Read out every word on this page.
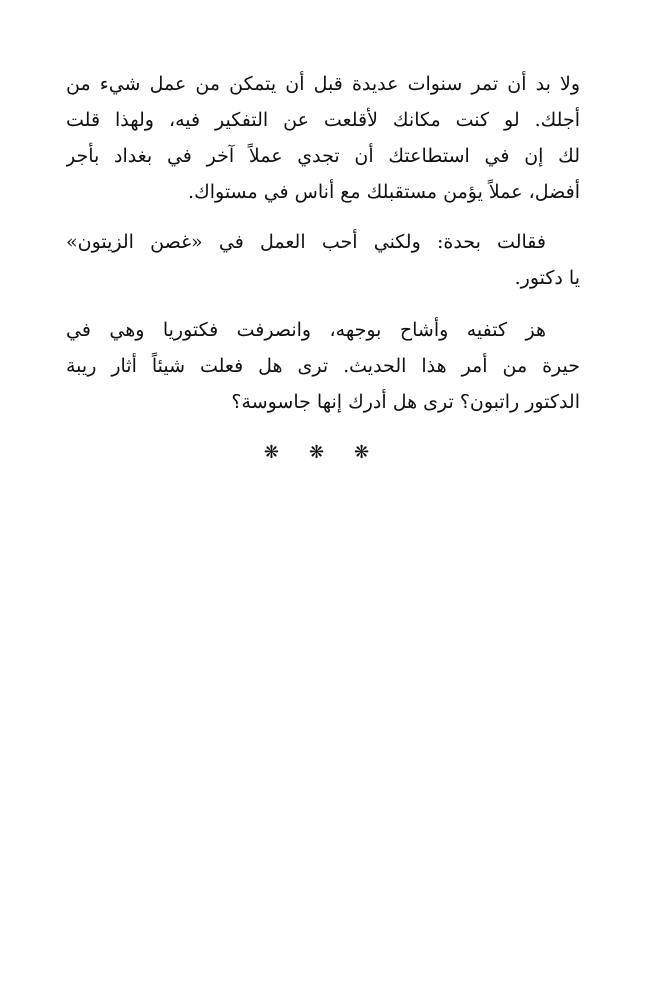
ولا بد أن تمر سنوات عديدة قبل أن يتمكن من عمل شيء من
أجلك. لو كنت مكانك لأقلعت عن التفكير فيه، ولهذا قلت
لك إن في استطاعتك أن تجدي عملاً آخر في بغداد بأجر
أفضل، عملاً يؤمن مستقبلك مع أناس في مستواك.
فقالت بحدة: ولكني أحب العمل في «غصن الزيتون»
يا دكتور.
هز كتفيه وأشاح بوجهه، وانصرفت فكتوريا وهي في
حيرة من أمر هذا الحديث. ترى هل فعلت شيئاً أثار ريبة
الدكتور راتبون؟ ترى هل أدرك إنها جاسوسة؟
❋ ❋ ❋
